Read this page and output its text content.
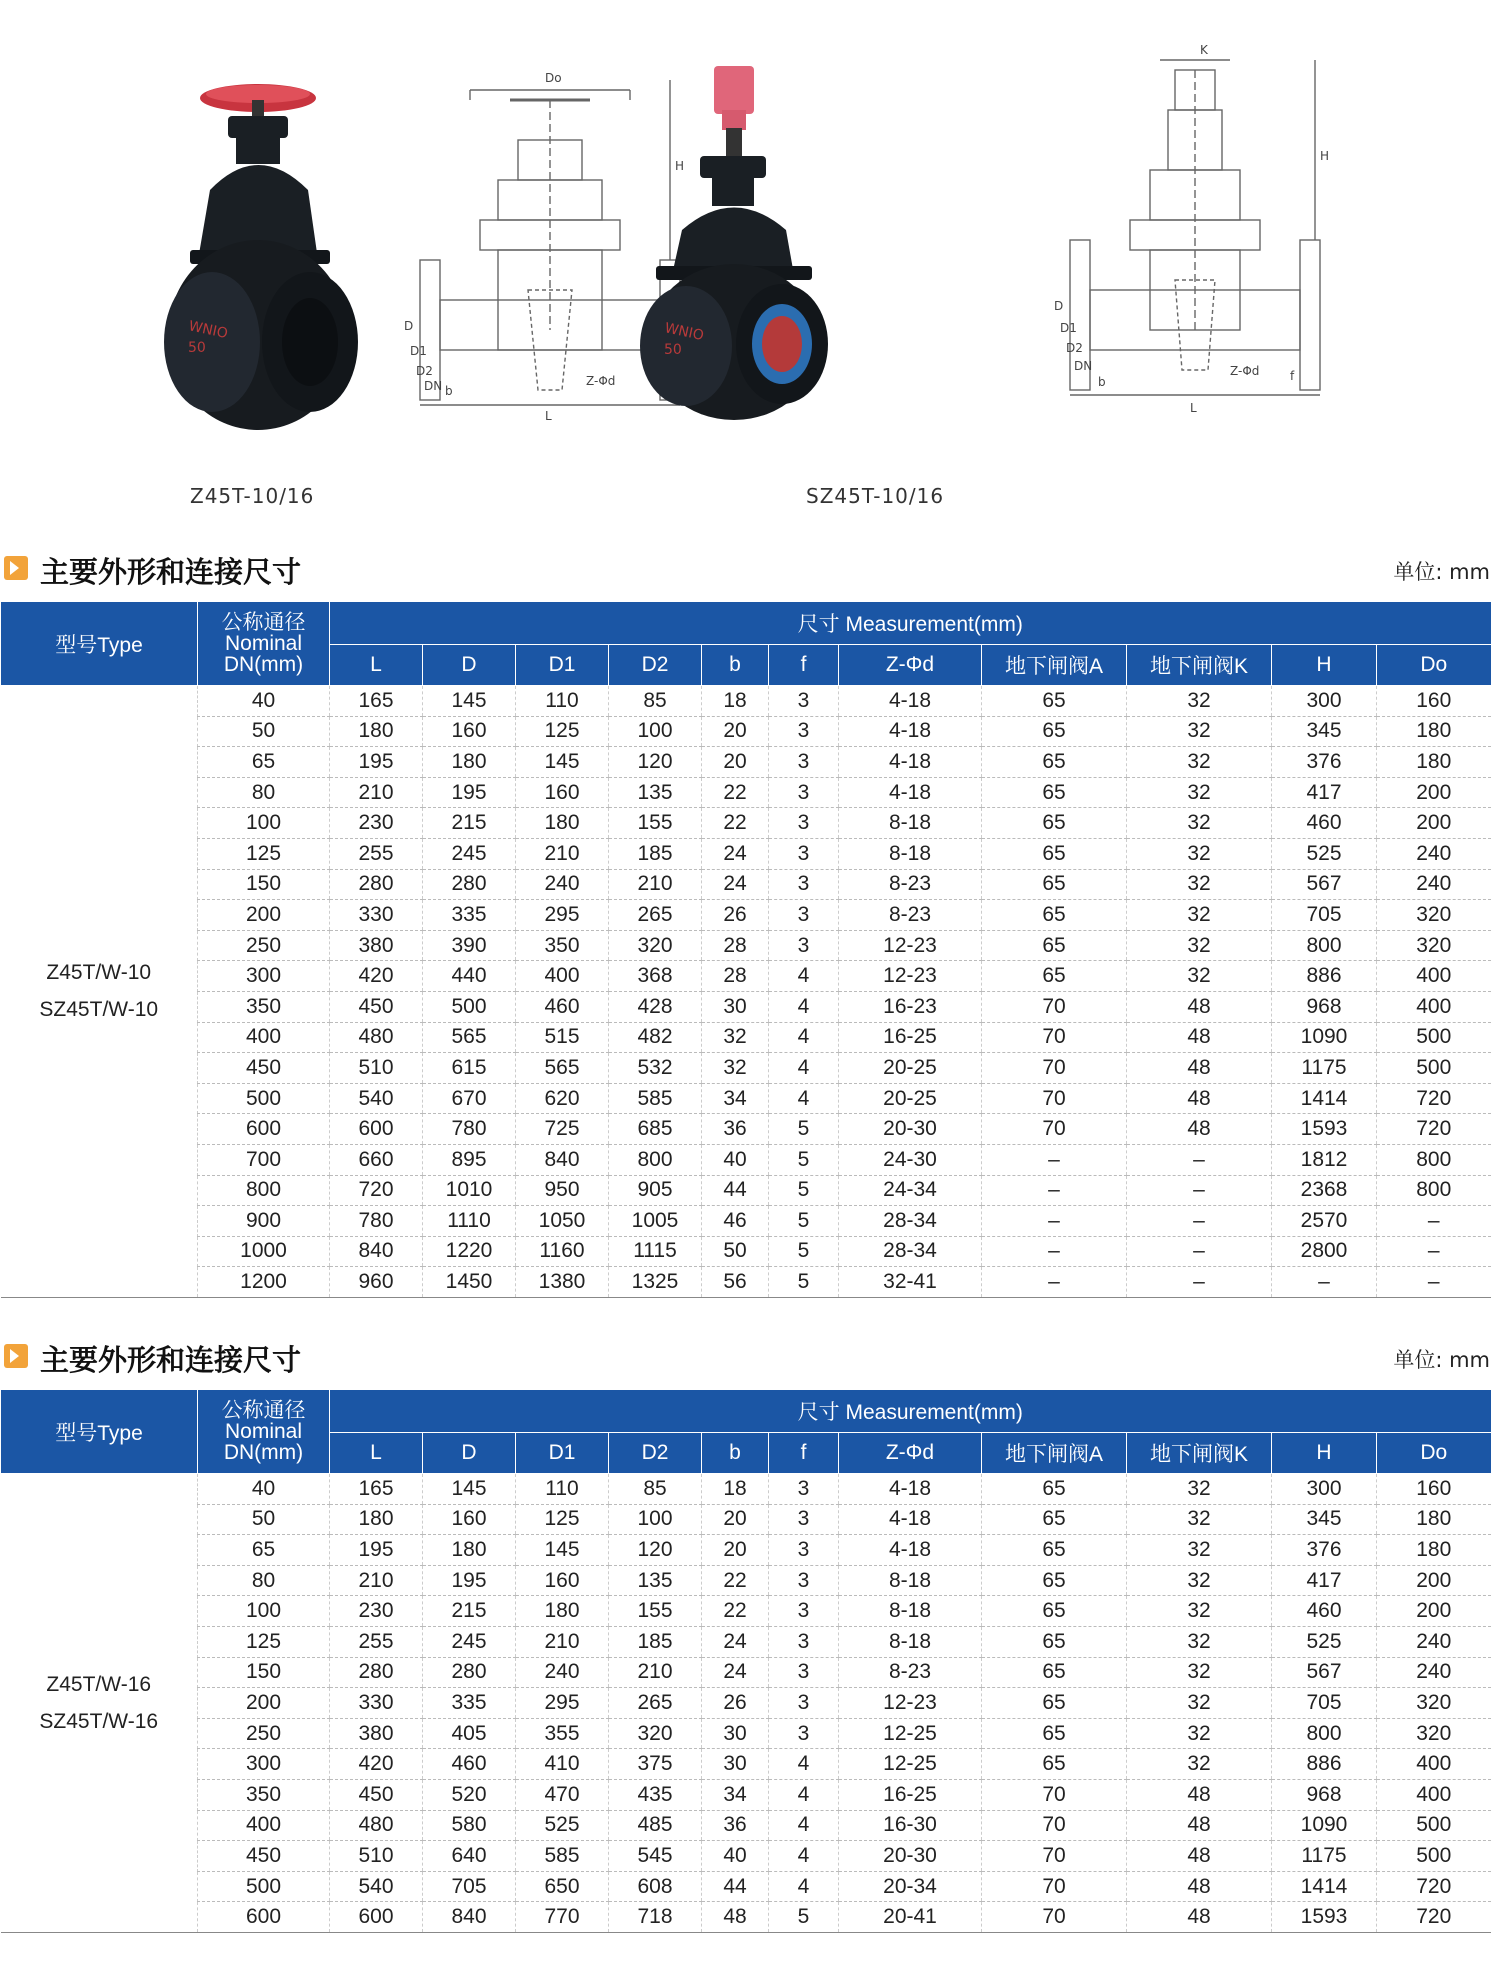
WNIO
50
Do
H
D
D1
D2
DN b
L
Z-Φd
WNIO
50
K
H
D
D1
D2
DN
b
L
Z-Φd	f
Z45T-10/16	SZ45T-10/16
主要外形和连接尺寸	单位: mm
型号Type	公称通径
Nominal
DN(mm)	尺寸 Measurement(mm)										
		L	D	D1	D2	b	f	Z-Φd	地下闸阀A	地下闸阀K	H	Do
Z45T/W-10
SZ45T/W-10	40	165	145	110	85	18	3	4-18	65	32	300	160
	50	180	160	125	100	20	3	4-18	65	32	345	180
	65	195	180	145	120	20	3	4-18	65	32	376	180
	80	210	195	160	135	22	3	4-18	65	32	417	200
	100	230	215	180	155	22	3	8-18	65	32	460	200
	125	255	245	210	185	24	3	8-18	65	32	525	240
	150	280	280	240	210	24	3	8-23	65	32	567	240
	200	330	335	295	265	26	3	8-23	65	32	705	320
	250	380	390	350	320	28	3	12-23	65	32	800	320
	300	420	440	400	368	28	4	12-23	65	32	886	400
	350	450	500	460	428	30	4	16-23	70	48	968	400
	400	480	565	515	482	32	4	16-25	70	48	1090	500
	450	510	615	565	532	32	4	20-25	70	48	1175	500
	500	540	670	620	585	34	4	20-25	70	48	1414	720
	600	600	780	725	685	36	5	20-30	70	48	1593	720
	700	660	895	840	800	40	5	24-30	–	–	1812	800
	800	720	1010	950	905	44	5	24-34	–	–	2368	800
	900	780	1110	1050	1005	46	5	28-34	–	–	2570	–
	1000	840	1220	1160	1115	50	5	28-34	–	–	2800	–
	1200	960	1450	1380	1325	56	5	32-41	–	–	–	–
主要外形和连接尺寸	单位: mm
型号Type	公称通径
Nominal
DN(mm)	尺寸 Measurement(mm)										
		L	D	D1	D2	b	f	Z-Φd	地下闸阀A	地下闸阀K	H	Do
Z45T/W-16
SZ45T/W-16	40	165	145	110	85	18	3	4-18	65	32	300	160
	50	180	160	125	100	20	3	4-18	65	32	345	180
	65	195	180	145	120	20	3	4-18	65	32	376	180
	80	210	195	160	135	22	3	8-18	65	32	417	200
	100	230	215	180	155	22	3	8-18	65	32	460	200
	125	255	245	210	185	24	3	8-18	65	32	525	240
	150	280	280	240	210	24	3	8-23	65	32	567	240
	200	330	335	295	265	26	3	12-23	65	32	705	320
	250	380	405	355	320	30	3	12-25	65	32	800	320
	300	420	460	410	375	30	4	12-25	65	32	886	400
	350	450	520	470	435	34	4	16-25	70	48	968	400
	400	480	580	525	485	36	4	16-30	70	48	1090	500
	450	510	640	585	545	40	4	20-30	70	48	1175	500
	500	540	705	650	608	44	4	20-34	70	48	1414	720
	600	600	840	770	718	48	5	20-41	70	48	1593	720
